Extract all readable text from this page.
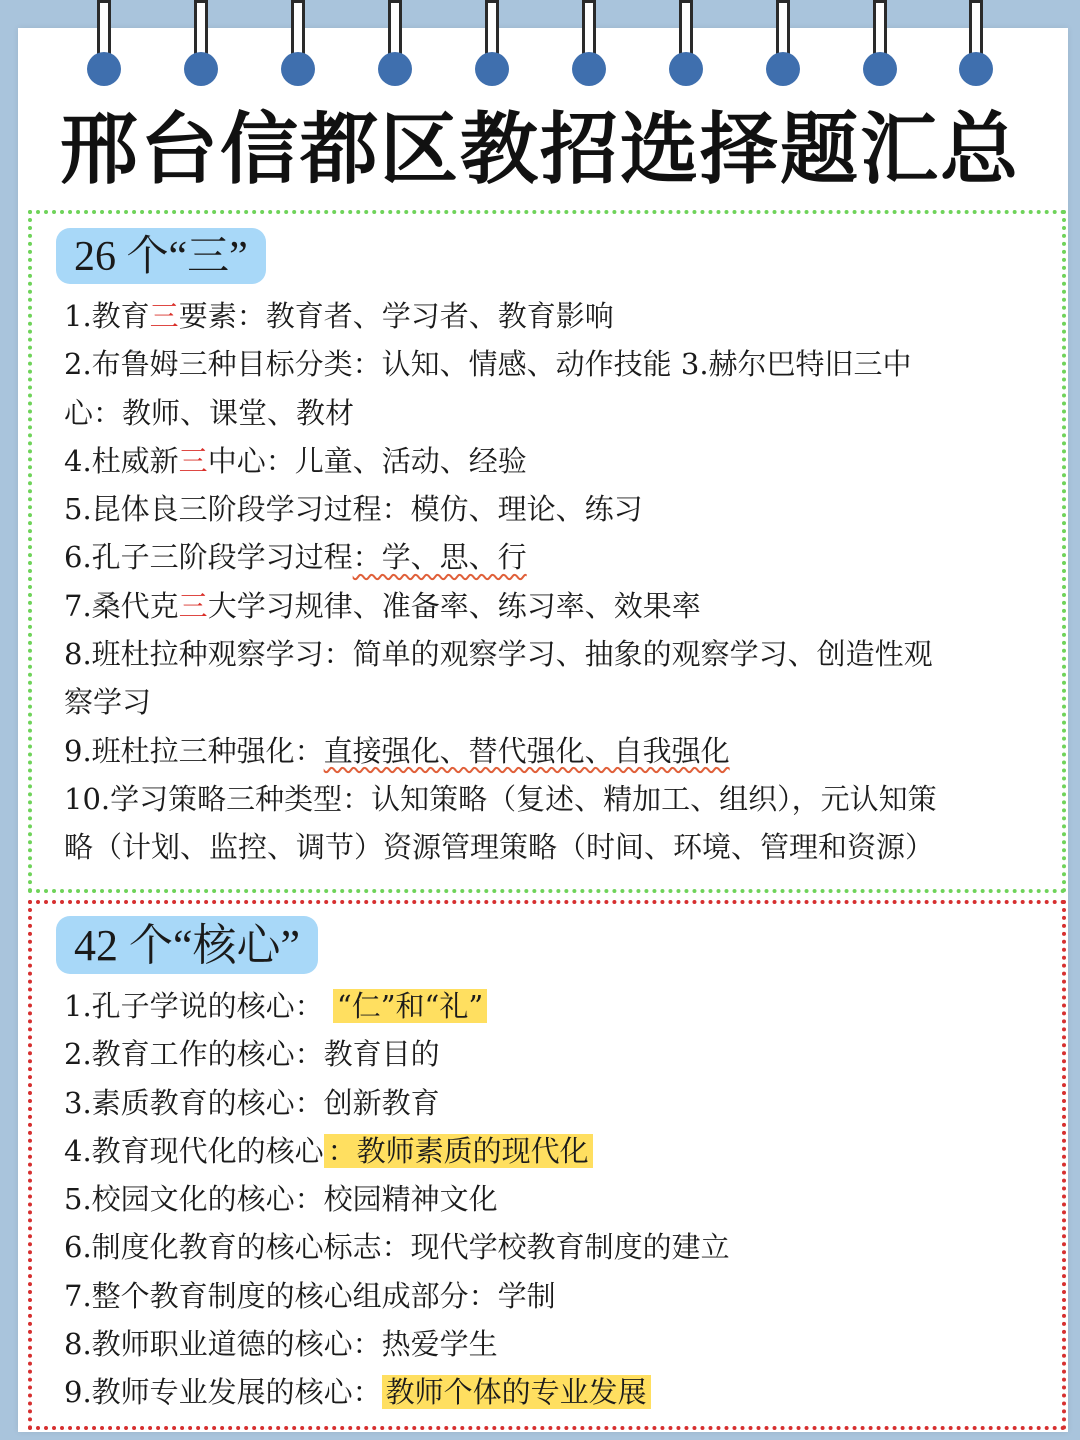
邢台信都区教招选择题汇总
26 个“三”
1.教育三要素：教育者、学习者、教育影响
2.布鲁姆三种目标分类：认知、情感、动作技能 3.赫尔巴特旧三中
心：教师、课堂、教材
4.杜威新三中心：儿童、活动、经验
5.昆体良三阶段学习过程：模仿、理论、练习
6.孔子三阶段学习过程：学、思、行
7.桑代克三大学习规律、准备率、练习率、效果率
8.班杜拉种观察学习：简单的观察学习、抽象的观察学习、创造性观
察学习
9.班杜拉三种强化：直接强化、替代强化、自我强化
10.学习策略三种类型：认知策略（复述、精加工、组织），元认知策
略（计划、监控、调节）资源管理策略（时间、环境、管理和资源）
42 个“核心”
1.孔子学说的核心： “仁”和“礼”
2.教育工作的核心：教育目的
3.素质教育的核心：创新教育
4.教育现代化的核心 ：教师素质的现代化
5.校园文化的核心：校园精神文化
6.制度化教育的核心标志：现代学校教育制度的建立
7.整个教育制度的核心组成部分：学制
8.教师职业道德的核心：热爱学生
9.教师专业发展的核心： 教师个体的专业发展
